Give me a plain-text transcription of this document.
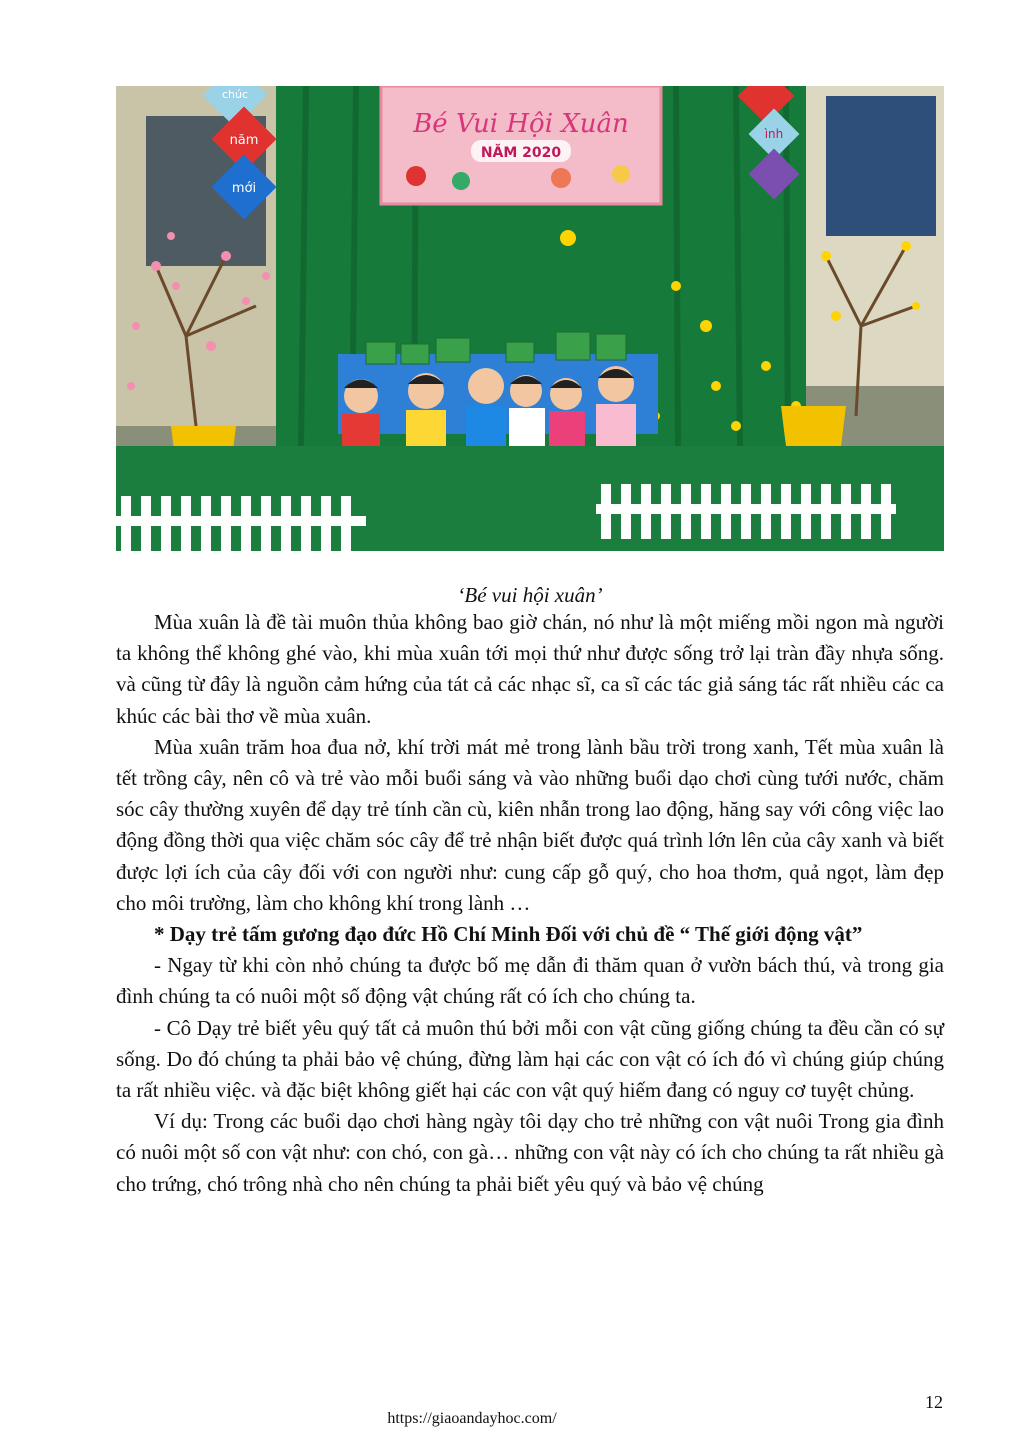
Bé Vui Hội Xuân
NĂM 2020
năm
mới
chúc
ình
‘Bé vui hội xuân’

Mùa xuân là đề tài muôn thủa không bao giờ chán, nó như là một miếng mồi ngon mà người ta không thể không ghé vào, khi mùa xuân tới mọi thứ như được sống trở lại tràn đầy nhựa sống. và cũng từ đây là nguồn cảm hứng của tát cả các nhạc sĩ, ca sĩ các tác giả sáng tác rất nhiều các ca khúc các bài thơ về mùa xuân.

Mùa xuân trăm hoa đua nở, khí trời mát mẻ trong lành bầu trời trong xanh, Tết mùa xuân là tết trồng cây, nên cô và trẻ vào mỗi buổi sáng và vào những buổi dạo chơi cùng tưới nước, chăm sóc cây thường xuyên để dạy trẻ tính cần cù, kiên nhẫn trong lao động, hăng say với công việc lao động đồng thời qua việc chăm sóc cây để trẻ nhận biết được quá trình lớn lên của cây xanh và biết được lợi ích của cây đối với con người như: cung cấp gỗ quý, cho hoa thơm, quả ngọt, làm đẹp cho môi trường, làm cho không khí trong lành …

* Dạy trẻ tấm gương đạo đức Hồ Chí Minh Đối với chủ đề “ Thế giới động vật”

- Ngay từ khi còn nhỏ chúng ta được bố mẹ dẫn đi thăm quan ở vườn bách thú, và trong gia đình chúng ta có nuôi một số động vật chúng rất có ích cho chúng ta.

- Cô Dạy trẻ biết yêu quý tất cả muôn thú bởi mỗi con vật cũng giống chúng ta đều cần có sự sống. Do đó chúng ta phải bảo vệ chúng, đừng làm hại các con vật có ích đó vì chúng giúp chúng ta rất nhiều việc. và đặc biệt không giết hại các con vật quý hiếm đang có nguy cơ tuyệt chủng.

Ví dụ: Trong các buổi dạo chơi hàng ngày tôi dạy cho trẻ những con vật nuôi Trong gia đình có nuôi một số con vật như: con chó, con gà… những con vật này có ích cho chúng ta rất nhiều gà cho trứng, chó trông nhà cho nên chúng ta phải biết yêu quý và bảo vệ chúng

12
https://giaoandayhoc.com/
